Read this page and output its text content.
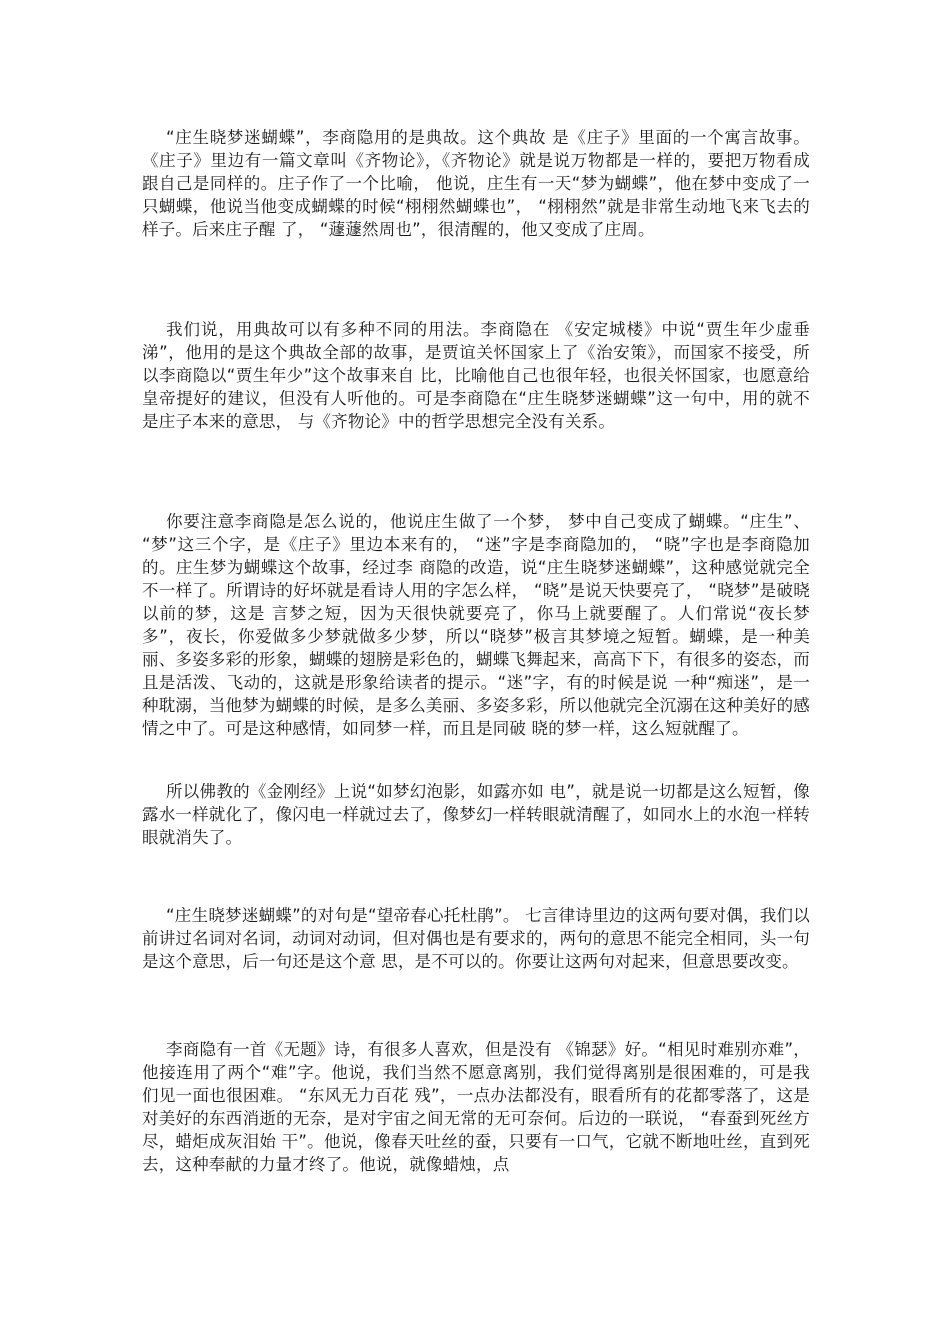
“庄生晓梦迷蝴蝶”，李商隐用的是典故。这个典故 是《庄子》里面的一个寓言故事。《庄子》里边有一篇文章叫《齐物论》，《齐物论》就是说万物都是一样的，要把万物看成跟自己是同样的。庄子作了一个比喻， 他说，庄生有一天“梦为蝴蝶”，他在梦中变成了一只蝴蝶，他说当他变成蝴蝶的时候“栩栩然蝴蝶也”， “栩栩然”就是非常生动地飞来飞去的样子。后来庄子醒 了， “蘧蘧然周也”，很清醒的，他又变成了庄周。

我们说，用典故可以有多种不同的用法。李商隐在 《安定城楼》中说“贾生年少虚垂涕”，他用的是这个典故全部的故事，是贾谊关怀国家上了《治安策》，而国家不接受，所以李商隐以“贾生年少”这个故事来自 比，比喻他自己也很年轻，也很关怀国家，也愿意给皇帝提好的建议，但没有人听他的。可是李商隐在“庄生晓梦迷蝴蝶”这一句中，用的就不是庄子本来的意思， 与《齐物论》中的哲学思想完全没有关系。

你要注意李商隐是怎么说的，他说庄生做了一个梦， 梦中自己变成了蝴蝶。“庄生”、 “梦”这三个字，是《庄子》里边本来有的， “迷”字是李商隐加的， “晓”字也是李商隐加的。庄生梦为蝴蝶这个故事，经过李 商隐的改造，说“庄生晓梦迷蝴蝶”，这种感觉就完全不一样了。所谓诗的好坏就是看诗人用的字怎么样， “晓”是说天快要亮了， “晓梦”是破晓以前的梦，这是 言梦之短，因为天很快就要亮了，你马上就要醒了。人们常说“夜长梦多”，夜长，你爱做多少梦就做多少梦，所以“晓梦”极言其梦境之短暂。蝴蝶，是一种美 丽、多姿多彩的形象，蝴蝶的翅膀是彩色的，蝴蝶飞舞起来，高高下下，有很多的姿态，而且是活泼、飞动的，这就是形象给读者的提示。“迷”字，有的时候是说 一种“痴迷”，是一种耽溺，当他梦为蝴蝶的时候，是多么美丽、多姿多彩，所以他就完全沉溺在这种美好的感情之中了。可是这种感情，如同梦一样，而且是同破 晓的梦一样，这么短就醒了。

所以佛教的《金刚经》上说“如梦幻泡影，如露亦如 电”，就是说一切都是这么短暂，像露水一样就化了，像闪电一样就过去了，像梦幻一样转眼就清醒了，如同水上的水泡一样转眼就消失了。

“庄生晓梦迷蝴蝶”的对句是“望帝春心托杜鹃”。 七言律诗里边的这两句要对偶，我们以前讲过名词对名词，动词对动词，但对偶也是有要求的，两句的意思不能完全相同，头一句是这个意思，后一句还是这个意 思，是不可以的。你要让这两句对起来，但意思要改变。

李商隐有一首《无题》诗，有很多人喜欢，但是没有 《锦瑟》好。“相见时难别亦难”，他接连用了两个“难”字。他说，我们当然不愿意离别，我们觉得离别是很困难的，可是我们见一面也很困难。 “东风无力百花 残”，一点办法都没有，眼看所有的花都零落了，这是对美好的东西消逝的无奈，是对宇宙之间无常的无可奈何。后边的一联说， “春蚕到死丝方尽，蜡炬成灰泪始 干”。他说，像春天吐丝的蚕，只要有一口气，它就不断地吐丝，直到死去，这种奉献的力量才终了。他说，就像蜡烛，点
